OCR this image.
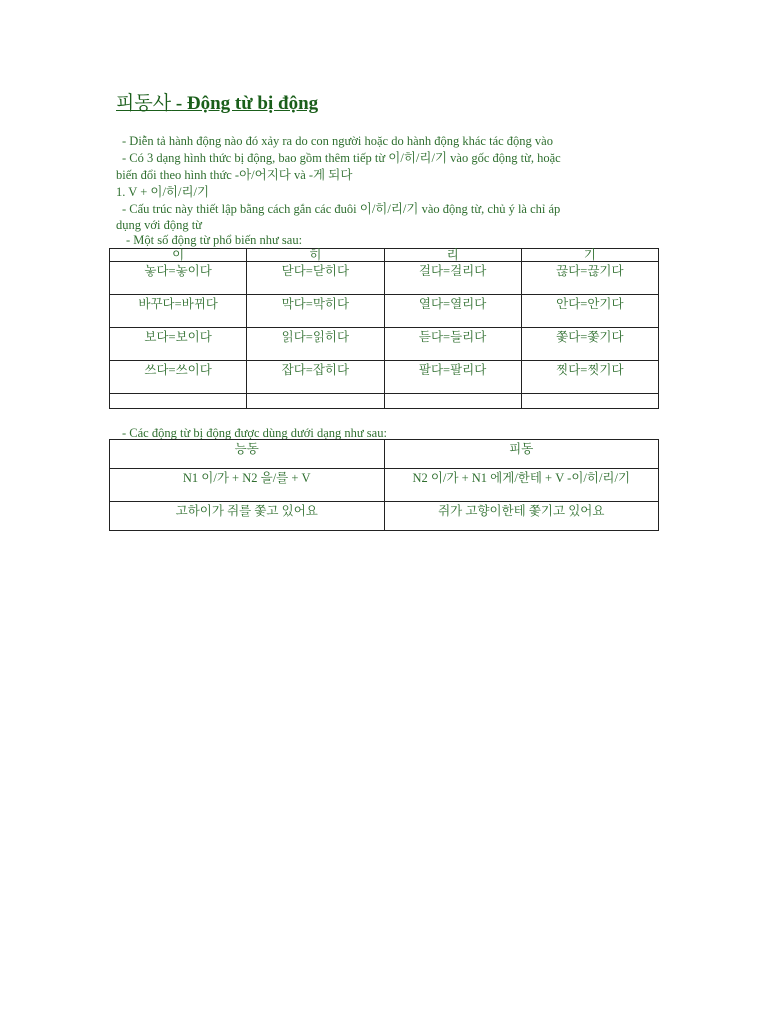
피동사 - Động từ bị động
- Diễn tả hành động nào đó xảy ra do con người hoặc do hành động khác tác động vào
- Có 3 dạng hình thức bị động, bao gồm thêm tiếp từ 이/히/리/기 vào gốc động từ, hoặc
biến đổi theo hình thức -아/어지다 và -게 되다
1. V + 이/히/리/기
- Cấu trúc này thiết lập bằng cách gắn các đuôi 이/히/리/기 vào động từ, chủ ý là chỉ áp
dụng với động từ
- Một số động từ phổ biến như sau:
이	히	리	기
놓다=놓이다	닫다=닫히다	걸다=걸리다	끊다=끊기다
바꾸다=바뀌다	막다=막히다	열다=열리다	안다=안기다
보다=보이다	읽다=읽히다	듣다=들리다	쫓다=쫓기다
쓰다=쓰이다	잡다=잡히다	팔다=팔리다	찟다=찟기다

- Các động từ bị động được dùng dưới dạng như sau:
능동	피동
N1 이/가 + N2 을/를 + V	N2 이/가 + N1 에게/한테 + V -이/히/리/기
고하이가 쥐를 쫓고 있어요	쥐가 고향이한테 쫓기고 있어요
